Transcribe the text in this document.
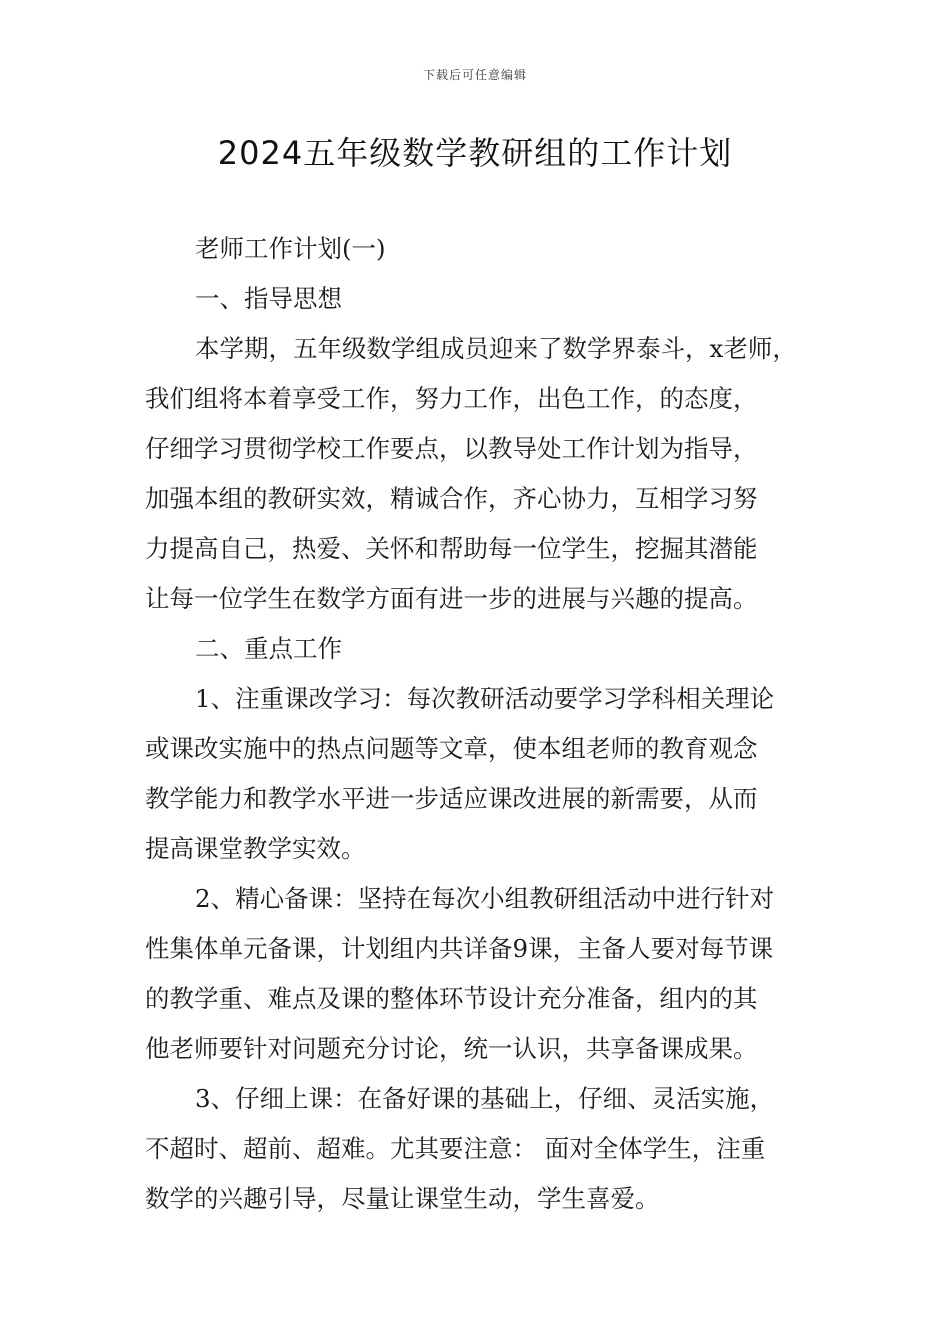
下载后可任意编辑
2024五年级数学教研组的工作计划
老师工作计划(一)
一、指导思想
本学期，五年级数学组成员迎来了数学界泰斗，x老师，
我们组将本着享受工作，努力工作，出色工作，的态度，
仔细学习贯彻学校工作要点，以教导处工作计划为指导，
加强本组的教研实效，精诚合作，齐心协力，互相学习努
力提高自己，热爱、关怀和帮助每一位学生，挖掘其潜能
让每一位学生在数学方面有进一步的进展与兴趣的提高。
二、重点工作
1、注重课改学习：每次教研活动要学习学科相关理论
或课改实施中的热点问题等文章，使本组老师的教育观念
教学能力和教学水平进一步适应课改进展的新需要，从而
提高课堂教学实效。
2、精心备课：坚持在每次小组教研组活动中进行针对
性集体单元备课，计划组内共详备9课，主备人要对每节课
的教学重、难点及课的整体环节设计充分准备，组内的其
他老师要针对问题充分讨论，统一认识，共享备课成果。
3、仔细上课：在备好课的基础上，仔细、灵活实施，
不超时、超前、超难。尤其要注意： 面对全体学生，注重
数学的兴趣引导，尽量让课堂生动，学生喜爱。
